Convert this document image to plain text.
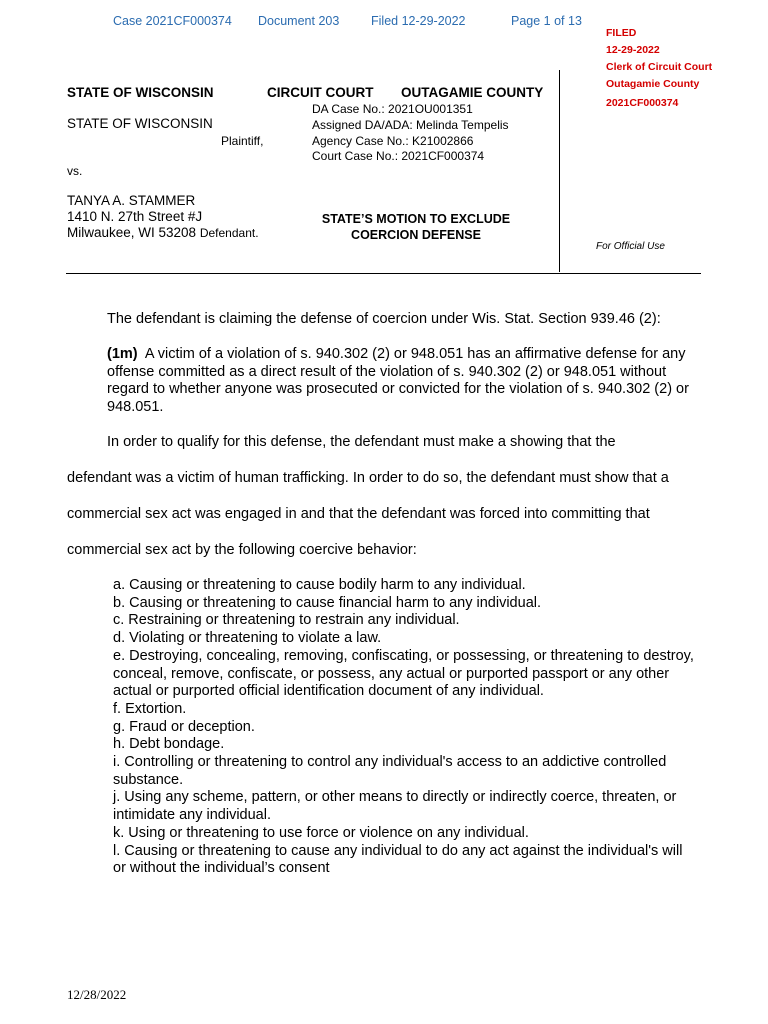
Case 2021CF000374 Document 203	Filed 12-29-2022	Page 1 of 13
FILED
12-29-2022
Clerk of Circuit Court
Outagamie County
2021CF000374
STATE OF WISCONSIN	CIRCUIT COURT OUTAGAMIE COUNTY
STATE OF WISCONSIN
Plaintiff,
vs.
TANYA A. STAMMER
1410 N. 27th Street #J
Milwaukee, WI 53208 Defendant.
DA Case No.: 2021OU001351
Assigned DA/ADA: Melinda Tempelis
Agency Case No.: K21002866
Court Case No.: 2021CF000374
STATE’S MOTION TO EXCLUDE
COERCION DEFENSE
For Official Use
The defendant is claiming the defense of coercion under Wis. Stat. Section 939.46 (2):
(1m) A victim of a violation of s. 940.302 (2) or 948.051 has an affirmative defense for any offense committed as a direct result of the violation of s. 940.302 (2) or 948.051 without regard to whether anyone was prosecuted or convicted for the violation of s. 940.302 (2) or 948.051.
In order to qualify for this defense, the defendant must make a showing that the
defendant was a victim of human trafficking. In order to do so, the defendant must show that a
commercial sex act was engaged in and that the defendant was forced into committing that
commercial sex act by the following coercive behavior:
a. Causing or threatening to cause bodily harm to any individual.
b. Causing or threatening to cause financial harm to any individual.
c. Restraining or threatening to restrain any individual.
d. Violating or threatening to violate a law.
e. Destroying, concealing, removing, confiscating, or possessing, or threatening to destroy, conceal, remove, confiscate, or possess, any actual or purported passport or any other actual or purported official identification document of any individual.
f. Extortion.
g. Fraud or deception.
h. Debt bondage.
i. Controlling or threatening to control any individual's access to an addictive controlled substance.
j. Using any scheme, pattern, or other means to directly or indirectly coerce, threaten, or intimidate any individual.
k. Using or threatening to use force or violence on any individual.
l. Causing or threatening to cause any individual to do any act against the individual's will or without the individual’s consent
12/28/2022
